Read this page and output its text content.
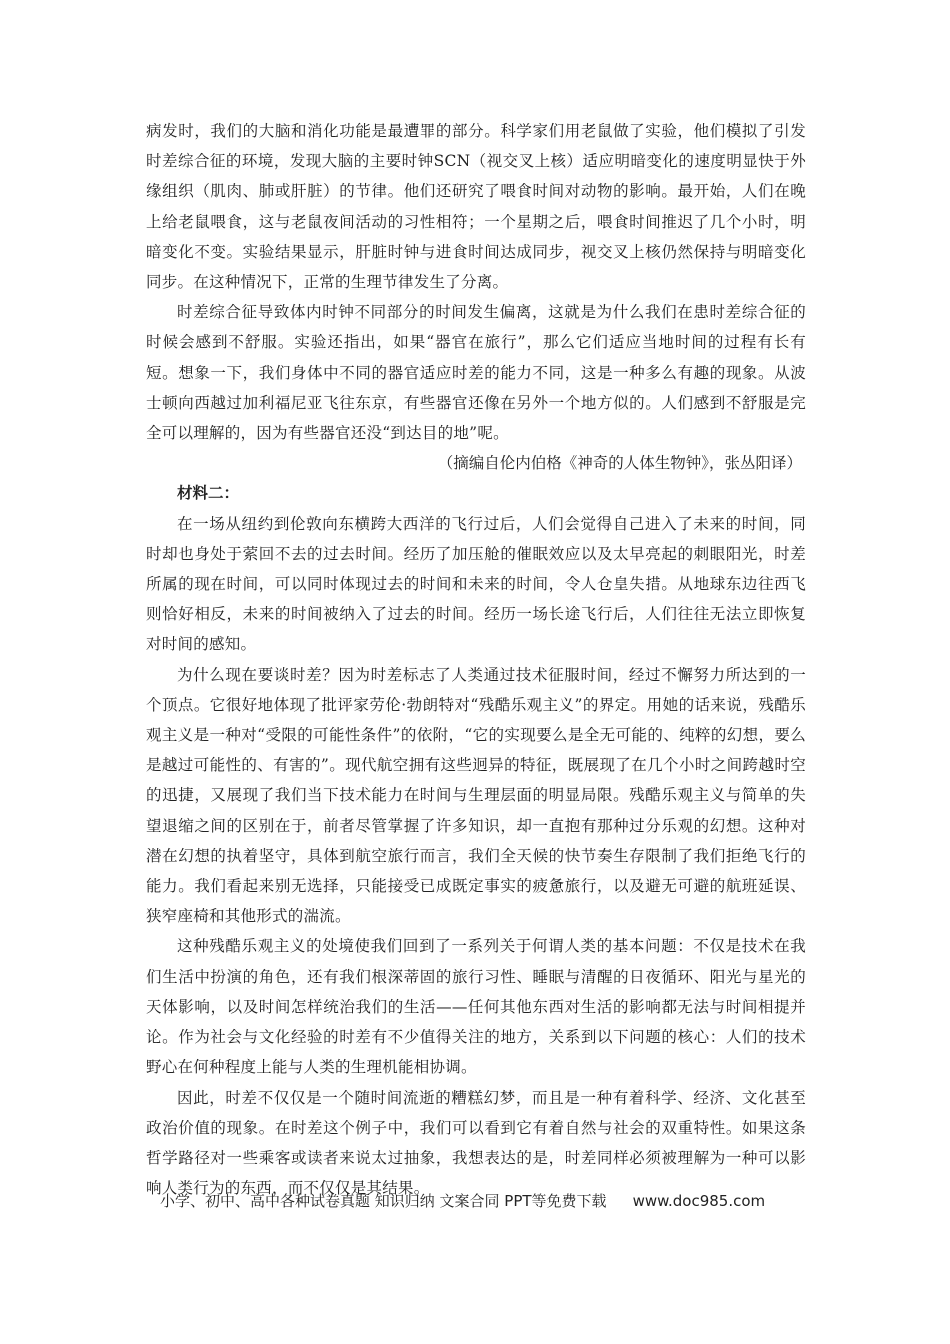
病发时，我们的大脑和消化功能是最遭罪的部分。科学家们用老鼠做了实验，他们模拟了引发时差综合征的环境，发现大脑的主要时钟SCN（视交叉上核）适应明暗变化的速度明显快于外缘组织（肌肉、肺或肝脏）的节律。他们还研究了喂食时间对动物的影响。最开始，人们在晚上给老鼠喂食，这与老鼠夜间活动的习性相符；一个星期之后，喂食时间推迟了几个小时，明暗变化不变。实验结果显示，肝脏时钟与进食时间达成同步，视交叉上核仍然保持与明暗变化同步。在这种情况下，正常的生理节律发生了分离。

时差综合征导致体内时钟不同部分的时间发生偏离，这就是为什么我们在患时差综合征的时候会感到不舒服。实验还指出，如果“器官在旅行”，那么它们适应当地时间的过程有长有短。想象一下，我们身体中不同的器官适应时差的能力不同，这是一种多么有趣的现象。从波士顿向西越过加利福尼亚飞往东京，有些器官还像在另外一个地方似的。人们感到不舒服是完全可以理解的，因为有些器官还没“到达目的地”呢。

（摘编自伦内伯格《神奇的人体生物钟》，张丛阳译）

材料二：

在一场从纽约到伦敦向东横跨大西洋的飞行过后，人们会觉得自己进入了未来的时间，同时却也身处于萦回不去的过去时间。经历了加压舱的催眠效应以及太早亮起的刺眼阳光，时差所属的现在时间，可以同时体现过去的时间和未来的时间，令人仓皇失措。从地球东边往西飞则恰好相反，未来的时间被纳入了过去的时间。经历一场长途飞行后，人们往往无法立即恢复对时间的感知。

为什么现在要谈时差？因为时差标志了人类通过技术征服时间，经过不懈努力所达到的一个顶点。它很好地体现了批评家劳伦·勃朗特对“残酷乐观主义”的界定。用她的话来说，残酷乐观主义是一种对“受限的可能性条件”的依附，“它的实现要么是全无可能的、纯粹的幻想，要么是越过可能性的、有害的”。现代航空拥有这些迥异的特征，既展现了在几个小时之间跨越时空的迅捷，又展现了我们当下技术能力在时间与生理层面的明显局限。残酷乐观主义与简单的失望退缩之间的区别在于，前者尽管掌握了许多知识，却一直抱有那种过分乐观的幻想。这种对潜在幻想的执着坚守，具体到航空旅行而言，我们全天候的快节奏生存限制了我们拒绝飞行的能力。我们看起来别无选择，只能接受已成既定事实的疲惫旅行，以及避无可避的航班延误、狭窄座椅和其他形式的湍流。

这种残酷乐观主义的处境使我们回到了一系列关于何谓人类的基本问题：不仅是技术在我们生活中扮演的角色，还有我们根深蒂固的旅行习性、睡眠与清醒的日夜循环、阳光与星光的天体影响，以及时间怎样统治我们的生活——任何其他东西对生活的影响都无法与时间相提并论。作为社会与文化经验的时差有不少值得关注的地方，关系到以下问题的核心：人们的技术野心在何种程度上能与人类的生理机能相协调。

因此，时差不仅仅是一个随时间流逝的糟糕幻梦，而且是一种有着科学、经济、文化甚至政治价值的现象。在时差这个例子中，我们可以看到它有着自然与社会的双重特性。如果这条哲学路径对一些乘客或读者来说太过抽象，我想表达的是，时差同样必须被理解为一种可以影响人类行为的东西，而不仅仅是其结果。

小学、初中、高中各种试卷真题 知识归纳 文案合同 PPT等免费下载 www.doc985.com
